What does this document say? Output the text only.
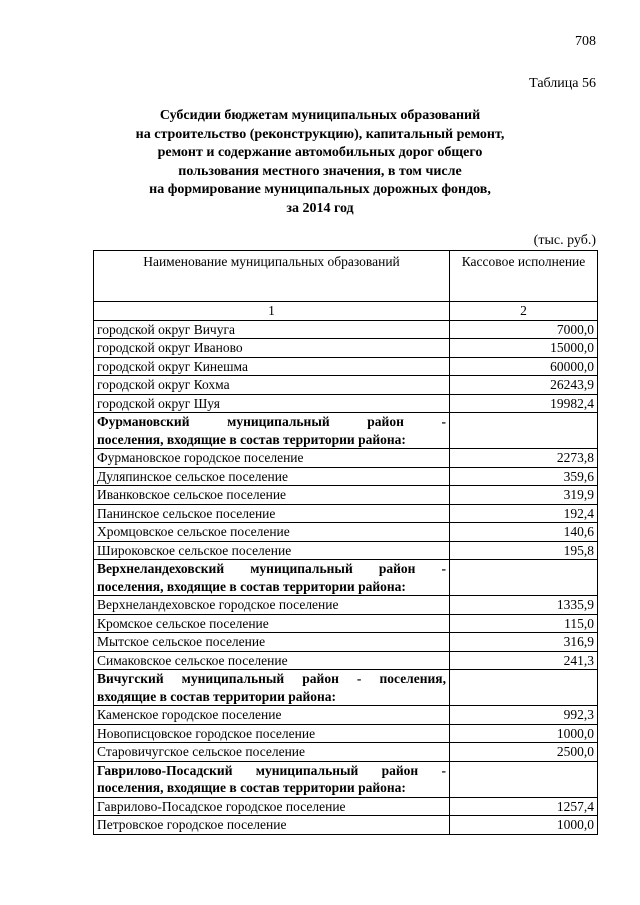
708
Таблица 56
Субсидии бюджетам муниципальных образований
на строительство (реконструкцию), капитальный ремонт,
ремонт и содержание автомобильных дорог общего
пользования местного значения, в том числе
на формирование муниципальных дорожных фондов,
за 2014 год
(тыс. руб.)
Наименование муниципальных образований	Кассовое исполнение
1	2
городской округ Вичуга	7000,0
городской округ Иваново	15000,0
городской округ Кинешма	60000,0
городской округ Кохма	26243,9
городской округ Шуя	19982,4

Фурмановский муниципальный район -
поселения, входящие в состав территории района:	

Фурмановское городское поселение	2273,8
Дуляпинское сельское поселение	359,6
Иванковское сельское поселение	319,9
Панинское сельское поселение	192,4
Хромцовское сельское поселение	140,6
Широковское сельское поселение	195,8

Верхнеландеховский муниципальный район -
поселения, входящие в состав территории района:	

Верхнеландеховское городское поселение	1335,9
Кромское сельское поселение	115,0
Мытское сельское поселение	316,9
Симаковское сельское поселение	241,3

Вичугский муниципальный район - поселения,
входящие в состав территории района:	

Каменское городское поселение	992,3
Новописцовское городское поселение	1000,0
Старовичугское сельское поселение	2500,0

Гаврилово-Посадский муниципальный район -
поселения, входящие в состав территории района:	

Гаврилово-Посадское городское поселение	1257,4
Петровское городское поселение	1000,0
